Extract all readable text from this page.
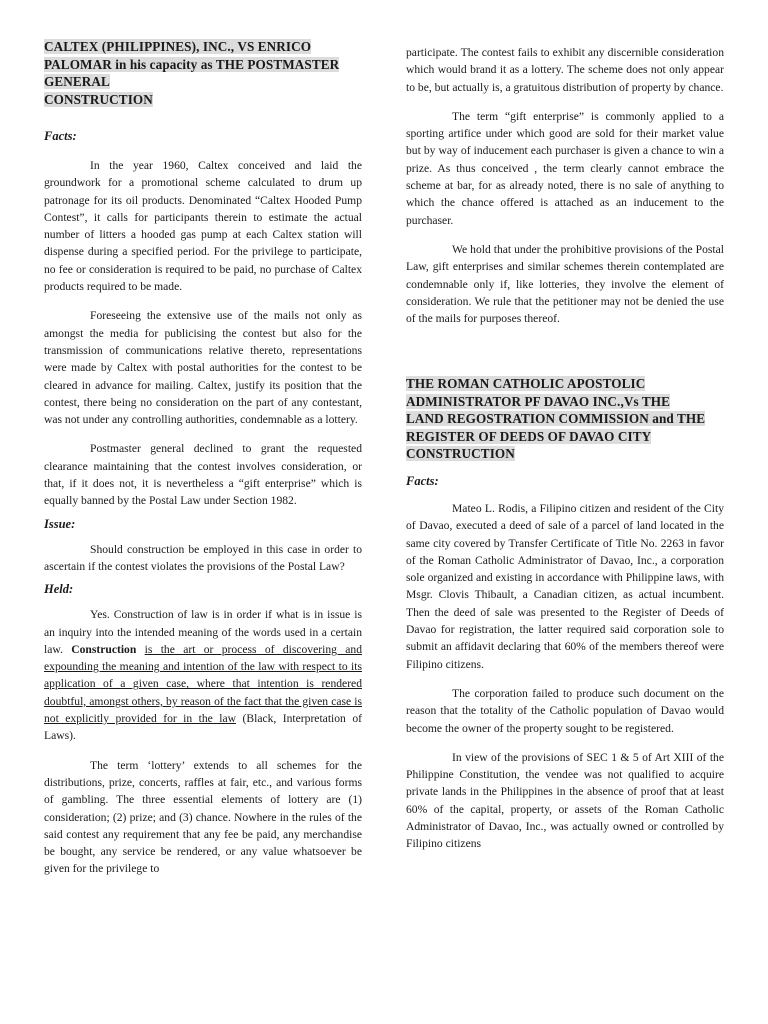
CALTEX (PHILIPPINES), INC., VS ENRICO
PALOMAR in his capacity as THE POSTMASTER
GENERAL
CONSTRUCTION

Facts:

In the year 1960, Caltex conceived and laid the groundwork for a promotional scheme calculated to drum up patronage for its oil products. Denominated “Caltex Hooded Pump Contest”, it calls for participants therein to estimate the actual number of litters a hooded gas pump at each Caltex station will dispense during a specified period. For the privilege to participate, no fee or consideration is required to be paid, no purchase of Caltex products required to be made.

Foreseeing the extensive use of the mails not only as amongst the media for publicising the contest but also for the transmission of communications relative thereto, representations were made by Caltex with postal authorities for the contest to be cleared in advance for mailing. Caltex, justify its position that the contest, there being no consideration on the part of any contestant, was not under any controlling authorities, condemnable as a lottery.

Postmaster general declined to grant the requested clearance maintaining that the contest involves consideration, or that, if it does not, it is nevertheless a “gift enterprise” which is equally banned by the Postal Law under Section 1982.

Issue:

Should construction be employed in this case in order to ascertain if the contest violates the provisions of the Postal Law?

Held:

Yes. Construction of law is in order if what is in issue is an inquiry into the intended meaning of the words used in a certain law. Construction is the art or process of discovering and expounding the meaning and intention of the law with respect to its application of a given case, where that intention is rendered doubtful, amongst others, by reason of the fact that the given case is not explicitly provided for in the law (Black, Interpretation of Laws).

The term ‘lottery’ extends to all schemes for the distributions, prize, concerts, raffles at fair, etc., and various forms of gambling. The three essential elements of lottery are (1) consideration; (2) prize; and (3) chance. Nowhere in the rules of the said contest any requirement that any fee be paid, any merchandise be bought, any service be rendered, or any value whatsoever be given for the privilege to

participate. The contest fails to exhibit any discernible consideration which would brand it as a lottery. The scheme does not only appear to be, but actually is, a gratuitous distribution of property by chance.

The term “gift enterprise” is commonly applied to a sporting artifice under which good are sold for their market value but by way of inducement each purchaser is given a chance to win a prize. As thus conceived , the term clearly cannot embrace the scheme at bar, for as already noted, there is no sale of anything to which the chance offered is attached as an inducement to the purchaser.

We hold that under the prohibitive provisions of the Postal Law, gift enterprises and similar schemes therein contemplated are condemnable only if, like lotteries, they involve the element of consideration. We rule that the petitioner may not be denied the use of the mails for purposes thereof.

THE ROMAN CATHOLIC APOSTOLIC
ADMINISTRATOR PF DAVAO INC.,Vs THE
LAND REGOSTRATION COMMISSION and THE
REGISTER OF DEEDS OF DAVAO CITY
CONSTRUCTION

Facts:

Mateo L. Rodis, a Filipino citizen and resident of the City of Davao, executed a deed of sale of a parcel of land located in the same city covered by Transfer Certificate of Title No. 2263 in favor of the Roman Catholic Administrator of Davao, Inc., a corporation sole organized and existing in accordance with Philippine laws, with Msgr. Clovis Thibault, a Canadian citizen, as actual incumbent. Then the deed of sale was presented to the Register of Deeds of Davao for registration, the latter required said corporation sole to submit an affidavit declaring that 60% of the members thereof were Filipino citizens.

The corporation failed to produce such document on the reason that the totality of the Catholic population of Davao would become the owner of the property sought to be registered.

In view of the provisions of SEC 1 & 5 of Art XIII of the Philippine Constitution, the vendee was not qualified to acquire private lands in the Philippines in the absence of proof that at least 60% of the capital, property, or assets of the Roman Catholic Administrator of Davao, Inc., was actually owned or controlled by Filipino citizens
